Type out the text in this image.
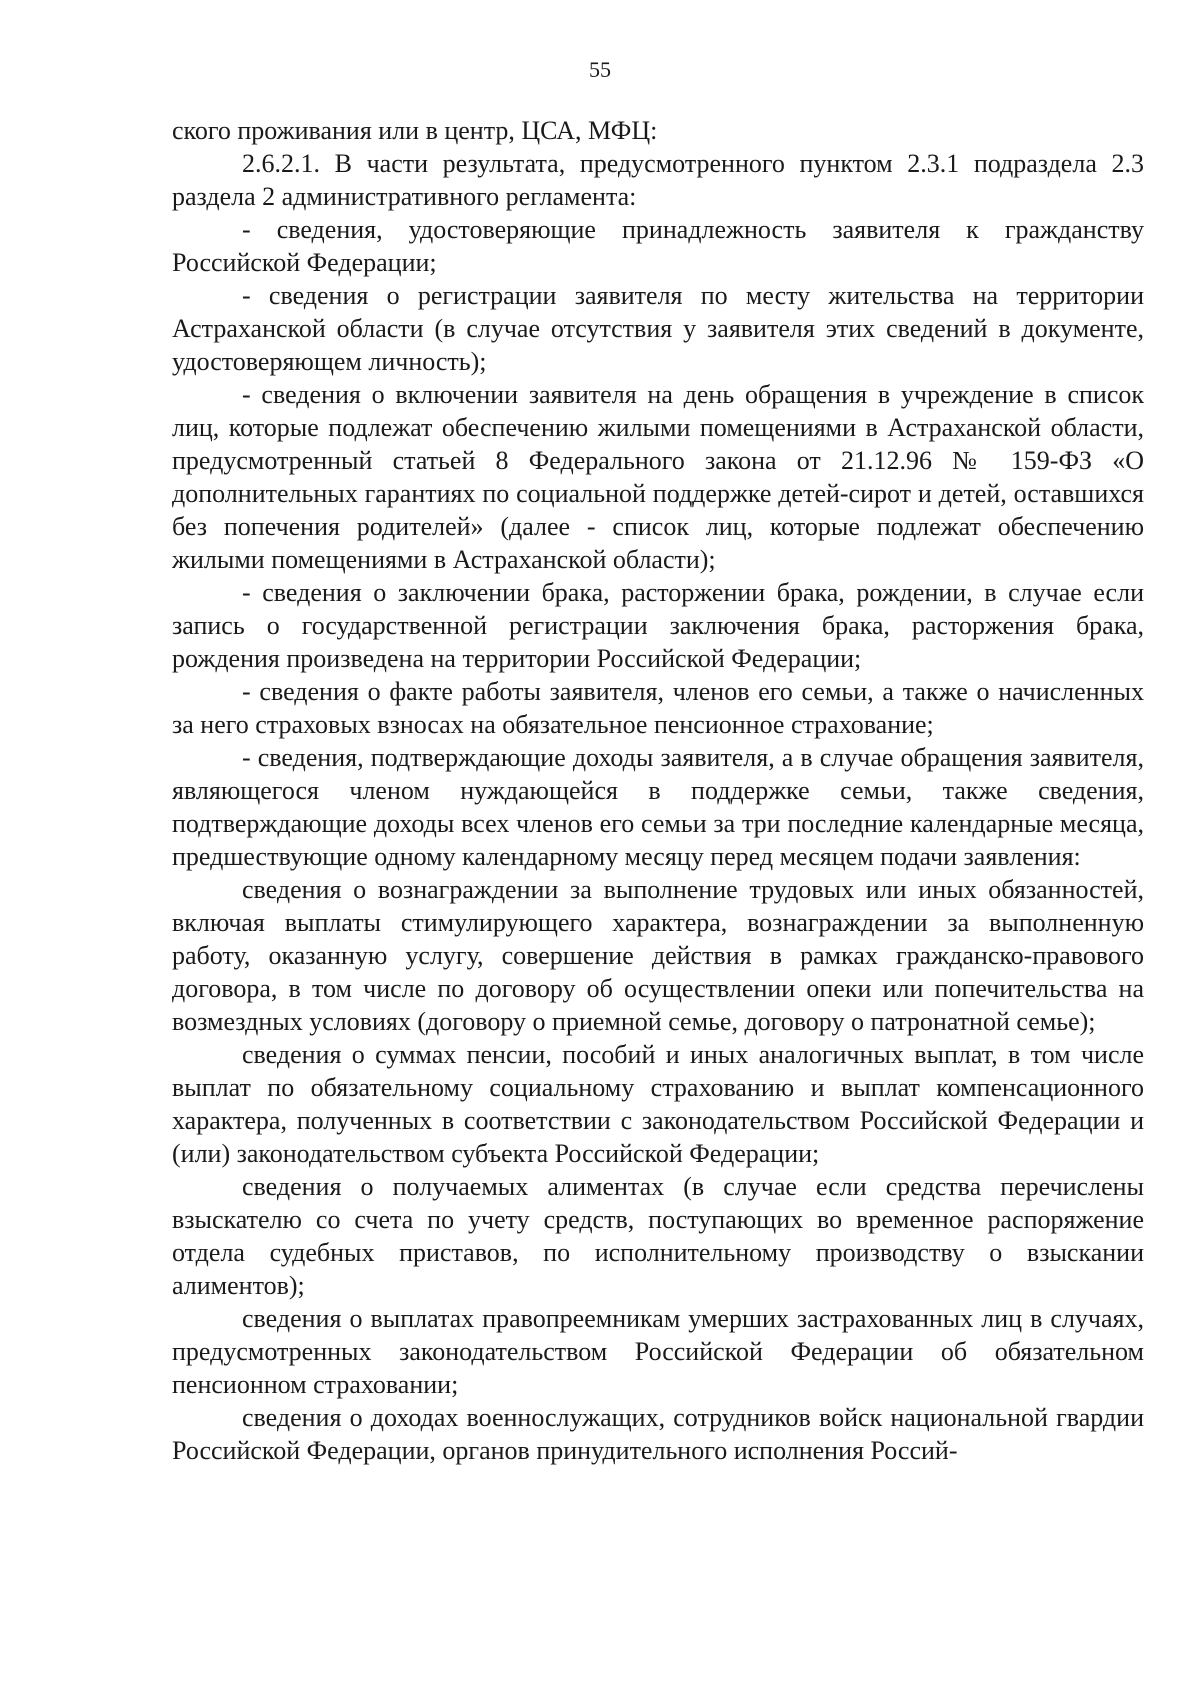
55

ского проживания или в центр, ЦСА, МФЦ:

2.6.2.1. В части результата, предусмотренного пунктом 2.3.1 подраздела 2.3 раздела 2 административного регламента:

- сведения, удостоверяющие принадлежность заявителя к гражданству Российской Федерации;

- сведения о регистрации заявителя по месту жительства на территории Астраханской области (в случае отсутствия у заявителя этих сведений в документе, удостоверяющем личность);

- сведения о включении заявителя на день обращения в учреждение в список лиц, которые подлежат обеспечению жилыми помещениями в Астраханской области, предусмотренный статьей 8 Федерального закона от 21.12.96 № 159-ФЗ «О дополнительных гарантиях по социальной поддержке детей-сирот и детей, оставшихся без попечения родителей» (далее - список лиц, которые подлежат обеспечению жилыми помещениями в Астраханской области);

- сведения о заключении брака, расторжении брака, рождении, в случае если запись о государственной регистрации заключения брака, расторжения брака, рождения произведена на территории Российской Федерации;

- сведения о факте работы заявителя, членов его семьи, а также о начисленных за него страховых взносах на обязательное пенсионное страхование;

- сведения, подтверждающие доходы заявителя, а в случае обращения заявителя, являющегося членом нуждающейся в поддержке семьи, также сведения, подтверждающие доходы всех членов его семьи за три последние календарные месяца, предшествующие одному календарному месяцу перед месяцем подачи заявления:

сведения о вознаграждении за выполнение трудовых или иных обязанностей, включая выплаты стимулирующего характера, вознаграждении за выполненную работу, оказанную услугу, совершение действия в рамках гражданско-правового договора, в том числе по договору об осуществлении опеки или попечительства на возмездных условиях (договору о приемной семье, договору о патронатной семье);

сведения о суммах пенсии, пособий и иных аналогичных выплат, в том числе выплат по обязательному социальному страхованию и выплат компенсационного характера, полученных в соответствии с законодательством Российской Федерации и (или) законодательством субъекта Российской Федерации;

сведения о получаемых алиментах (в случае если средства перечислены взыскателю со счета по учету средств, поступающих во временное распоряжение отдела судебных приставов, по исполнительному производству о взыскании алиментов);

сведения о выплатах правопреемникам умерших застрахованных лиц в случаях, предусмотренных законодательством Российской Федерации об обязательном пенсионном страховании;

сведения о доходах военнослужащих, сотрудников войск национальной гвардии Российской Федерации, органов принудительного исполнения Россий-
